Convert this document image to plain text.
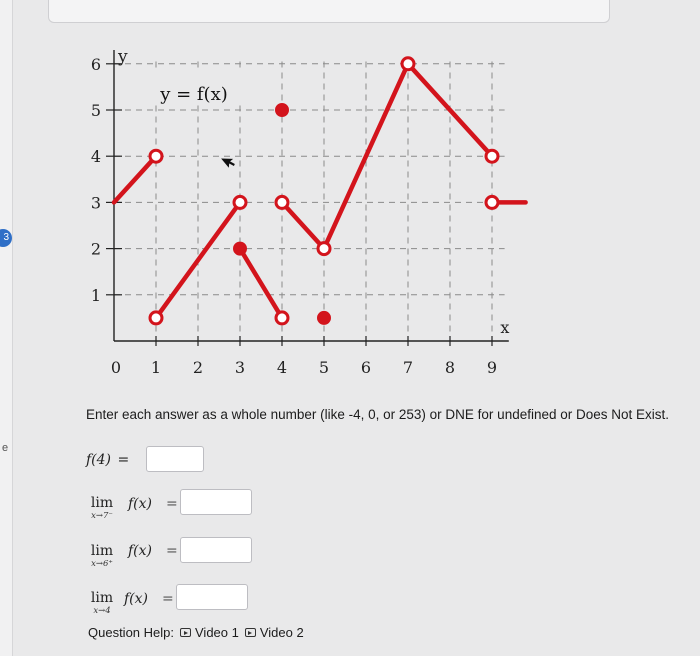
3
e
0 1 2 3 4 5 6 7 8 9
1
2
3
4
5
6 y
x
y = f(x)
Enter each answer as a whole number (like -4, 0, or 253) or DNE for undefined or Does Not Exist.
f(4) =
lim
x→7⁻
f(x) =
lim
x→6⁺
f(x) =
lim
x→4
f(x) =
Question Help: Video 1 Video 2
